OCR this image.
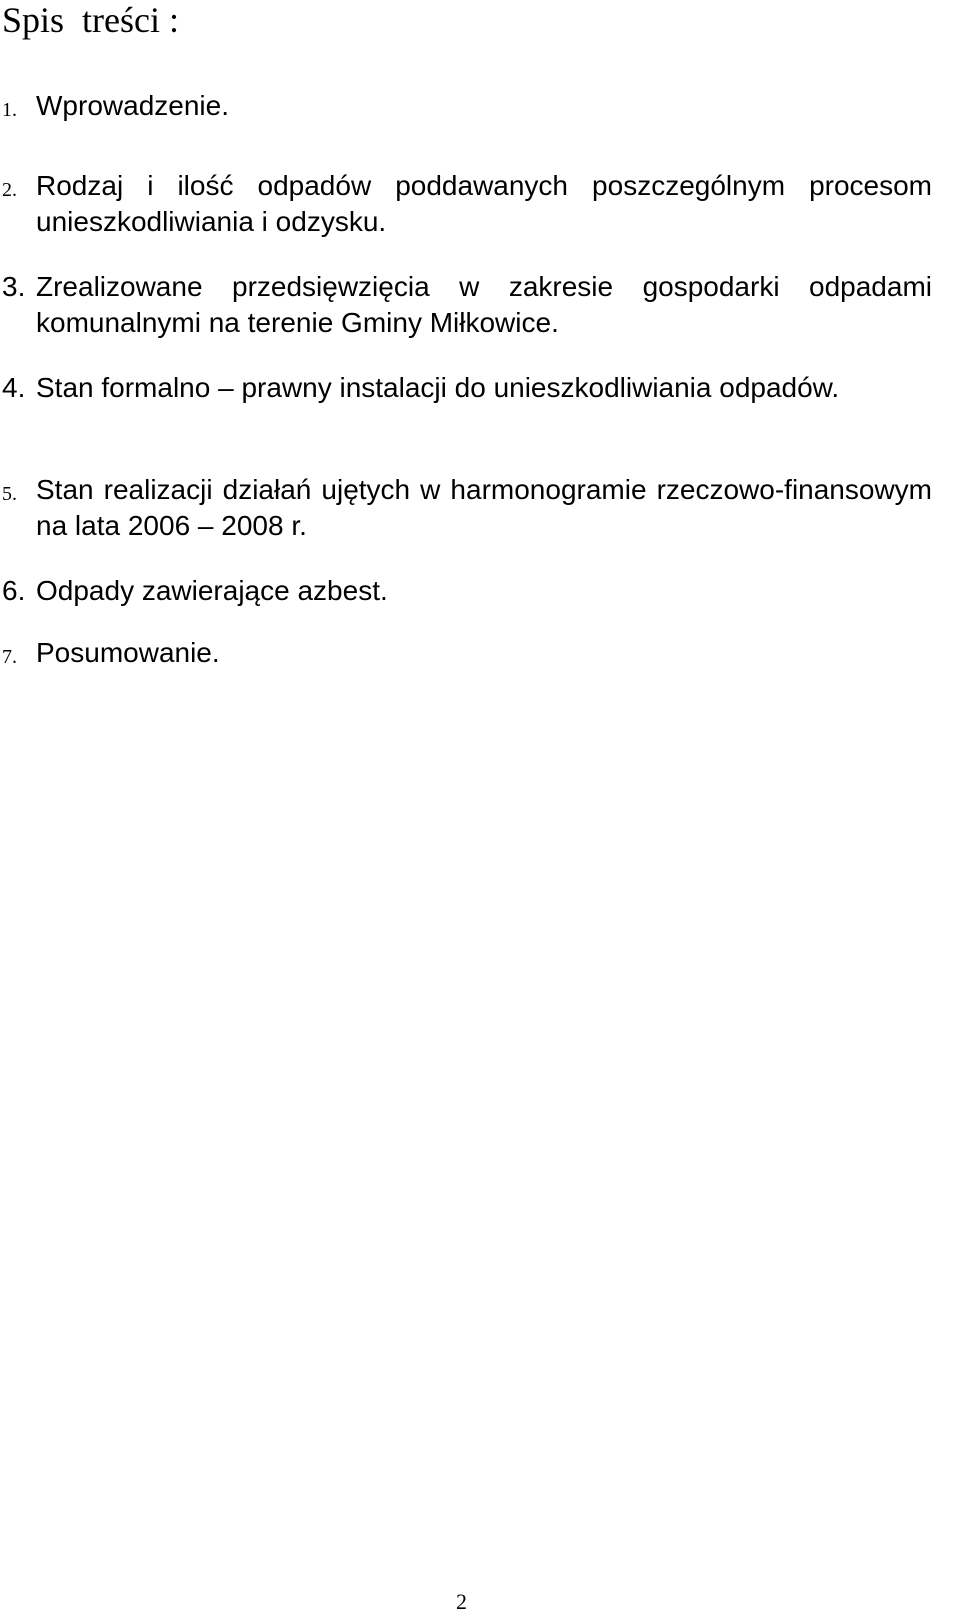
Spis  treści :
1. Wprowadzenie.
2. Rodzaj i ilość odpadów poddawanych poszczególnym procesom unieszkodliwiania i odzysku.
3. Zrealizowane przedsięwzięcia w zakresie gospodarki odpadami komunalnymi na terenie Gminy Miłkowice.
4. Stan formalno – prawny instalacji do unieszkodliwiania odpadów.
5. Stan realizacji działań ujętych w harmonogramie rzeczowo-finansowym na lata 2006 – 2008 r.
6. Odpady zawierające azbest.
7. Posumowanie.
2
